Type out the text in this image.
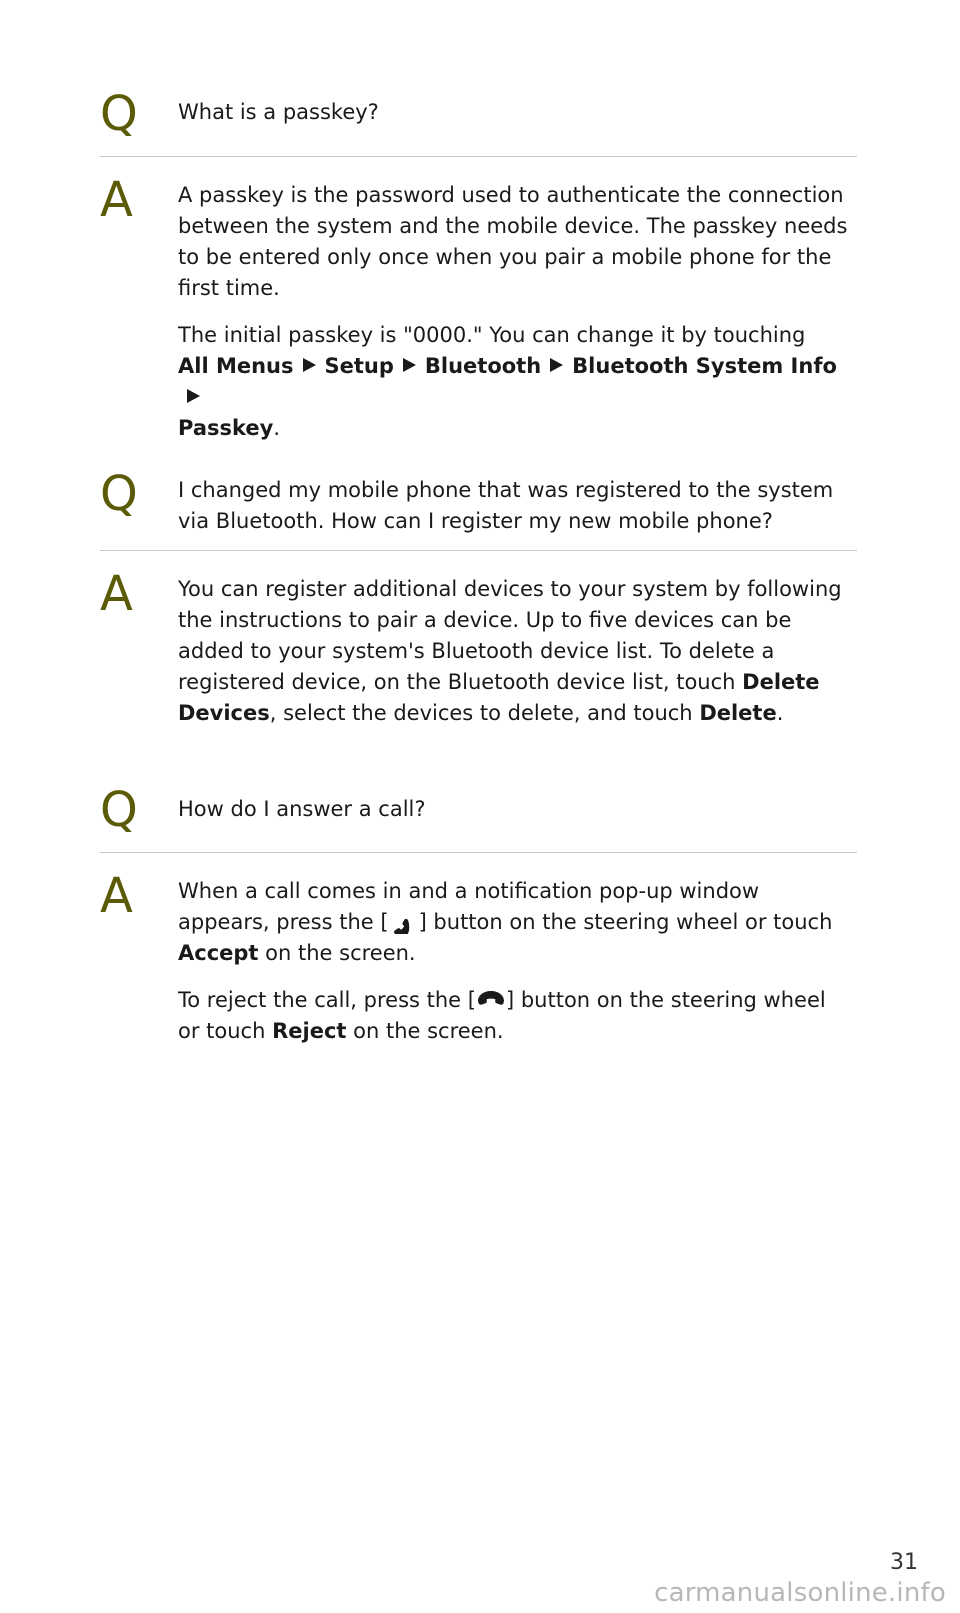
Q What is a passkey?

A A passkey is the password used to authenticate the connection between the system and the mobile device. The passkey needs to be entered only once when you pair a mobile phone for the first time.

The initial passkey is "0000." You can change it by touching
All Menus Setup Bluetooth Bluetooth System Info
Passkey.

Q I changed my mobile phone that was registered to the system via Bluetooth. How can I register my new mobile phone?

A You can register additional devices to your system by following the instructions to pair a device. Up to five devices can be added to your system's Bluetooth device list. To delete a registered device, on the Bluetooth device list, touch Delete Devices, select the devices to delete, and touch Delete.

Q How do I answer a call?

A When a call comes in and a notification pop-up window appears, press the [ ] button on the steering wheel or touch Accept on the screen.

To reject the call, press the [ ] button on the steering wheel or touch Reject on the screen.

31
carmanualsonline.info
